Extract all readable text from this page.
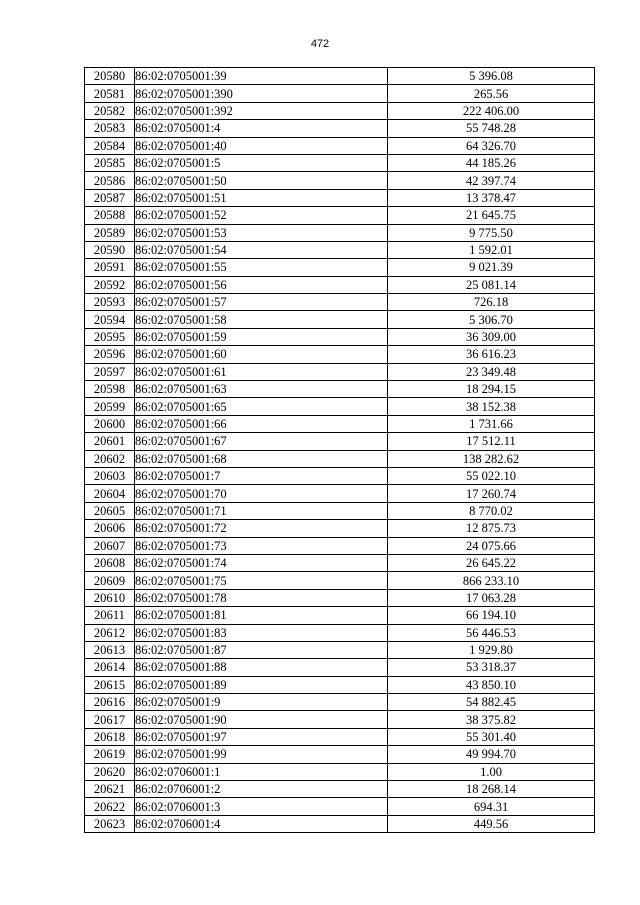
472
20580	86:02:0705001:39	5 396.08
20581	86:02:0705001:390	265.56
20582	86:02:0705001:392	222 406.00
20583	86:02:0705001:4	55 748.28
20584	86:02:0705001:40	64 326.70
20585	86:02:0705001:5	44 185.26
20586	86:02:0705001:50	42 397.74
20587	86:02:0705001:51	13 378.47
20588	86:02:0705001:52	21 645.75
20589	86:02:0705001:53	9 775.50
20590	86:02:0705001:54	1 592.01
20591	86:02:0705001:55	9 021.39
20592	86:02:0705001:56	25 081.14
20593	86:02:0705001:57	726.18
20594	86:02:0705001:58	5 306.70
20595	86:02:0705001:59	36 309.00
20596	86:02:0705001:60	36 616.23
20597	86:02:0705001:61	23 349.48
20598	86:02:0705001:63	18 294.15
20599	86:02:0705001:65	38 152.38
20600	86:02:0705001:66	1 731.66
20601	86:02:0705001:67	17 512.11
20602	86:02:0705001:68	138 282.62
20603	86:02:0705001:7	55 022.10
20604	86:02:0705001:70	17 260.74
20605	86:02:0705001:71	8 770.02
20606	86:02:0705001:72	12 875.73
20607	86:02:0705001:73	24 075.66
20608	86:02:0705001:74	26 645.22
20609	86:02:0705001:75	866 233.10
20610	86:02:0705001:78	17 063.28
20611	86:02:0705001:81	66 194.10
20612	86:02:0705001:83	56 446.53
20613	86:02:0705001:87	1 929.80
20614	86:02:0705001:88	53 318.37
20615	86:02:0705001:89	43 850.10
20616	86:02:0705001:9	54 882.45
20617	86:02:0705001:90	38 375.82
20618	86:02:0705001:97	55 301.40
20619	86:02:0705001:99	49 994.70
20620	86:02:0706001:1	1.00
20621	86:02:0706001:2	18 268.14
20622	86:02:0706001:3	694.31
20623	86:02:0706001:4	449.56
